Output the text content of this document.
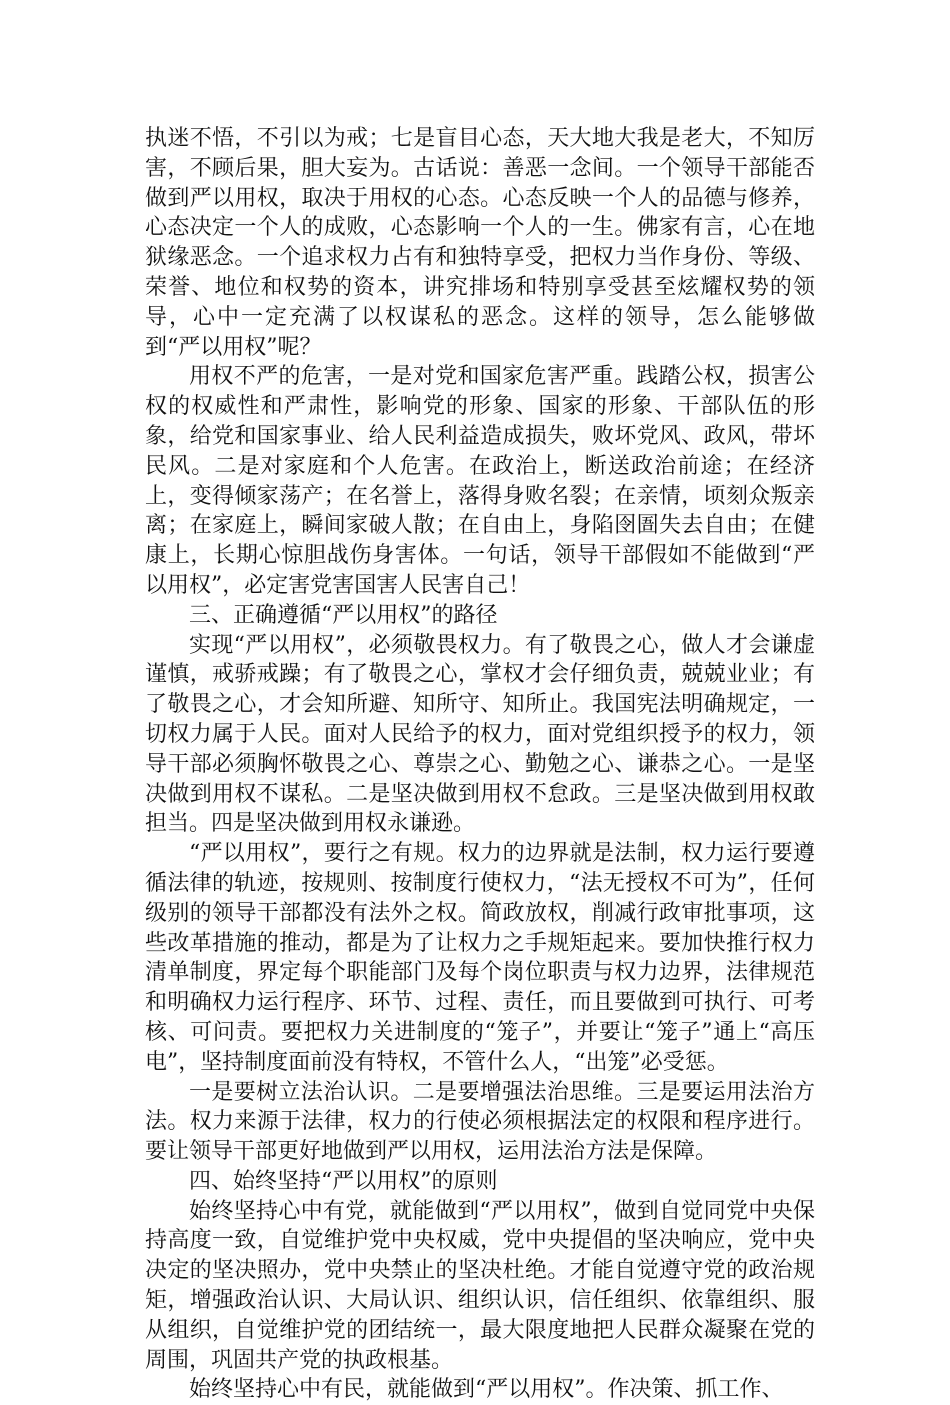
执迷不悟，不引以为戒；七是盲目心态，天大地大我是老大，不知厉害，不顾后果，胆大妄为。古话说：善恶一念间。一个领导干部能否做到严以用权，取决于用权的心态。心态反映一个人的品德与修养，心态决定一个人的成败，心态影响一个人的一生。佛家有言，心在地狱缘恶念。一个追求权力占有和独特享受，把权力当作身份、等级、荣誉、地位和权势的资本，讲究排场和特别享受甚至炫耀权势的领导，心中一定充满了以权谋私的恶念。这样的领导，怎么能够做到“严以用权”呢？

用权不严的危害，一是对党和国家危害严重。践踏公权，损害公权的权威性和严肃性，影响党的形象、国家的形象、干部队伍的形象，给党和国家事业、给人民利益造成损失，败坏党风、政风，带坏民风。二是对家庭和个人危害。在政治上，断送政治前途；在经济上，变得倾家荡产；在名誉上，落得身败名裂；在亲情，顷刻众叛亲离；在家庭上，瞬间家破人散；在自由上，身陷囹圄失去自由；在健康上，长期心惊胆战伤身害体。一句话，领导干部假如不能做到“严以用权”，必定害党害国害人民害自己！

三、正确遵循“严以用权”的路径

实现“严以用权”，必须敬畏权力。有了敬畏之心，做人才会谦虚谨慎，戒骄戒躁；有了敬畏之心，掌权才会仔细负责，兢兢业业；有了敬畏之心，才会知所避、知所守、知所止。我国宪法明确规定，一切权力属于人民。面对人民给予的权力，面对党组织授予的权力，领导干部必须胸怀敬畏之心、尊崇之心、勤勉之心、谦恭之心。一是坚决做到用权不谋私。二是坚决做到用权不怠政。三是坚决做到用权敢担当。四是坚决做到用权永谦逊。

“严以用权”，要行之有规。权力的边界就是法制，权力运行要遵循法律的轨迹，按规则、按制度行使权力，“法无授权不可为”，任何级别的领导干部都没有法外之权。简政放权，削减行政审批事项，这些改革措施的推动，都是为了让权力之手规矩起来。要加快推行权力清单制度，界定每个职能部门及每个岗位职责与权力边界，法律规范和明确权力运行程序、环节、过程、责任，而且要做到可执行、可考核、可问责。要把权力关进制度的“笼子”，并要让“笼子”通上“高压电”，坚持制度面前没有特权，不管什么人，“出笼”必受惩。

一是要树立法治认识。二是要增强法治思维。三是要运用法治方法。权力来源于法律，权力的行使必须根据法定的权限和程序进行。要让领导干部更好地做到严以用权，运用法治方法是保障。

四、始终坚持“严以用权”的原则

始终坚持心中有党，就能做到“严以用权”，做到自觉同党中央保持高度一致，自觉维护党中央权威，党中央提倡的坚决响应，党中央决定的坚决照办，党中央禁止的坚决杜绝。才能自觉遵守党的政治规矩，增强政治认识、大局认识、组织认识，信任组织、依靠组织、服从组织，自觉维护党的团结统一，最大限度地把人民群众凝聚在党的周围，巩固共产党的执政根基。

始终坚持心中有民，就能做到“严以用权”。作决策、抓工作、
